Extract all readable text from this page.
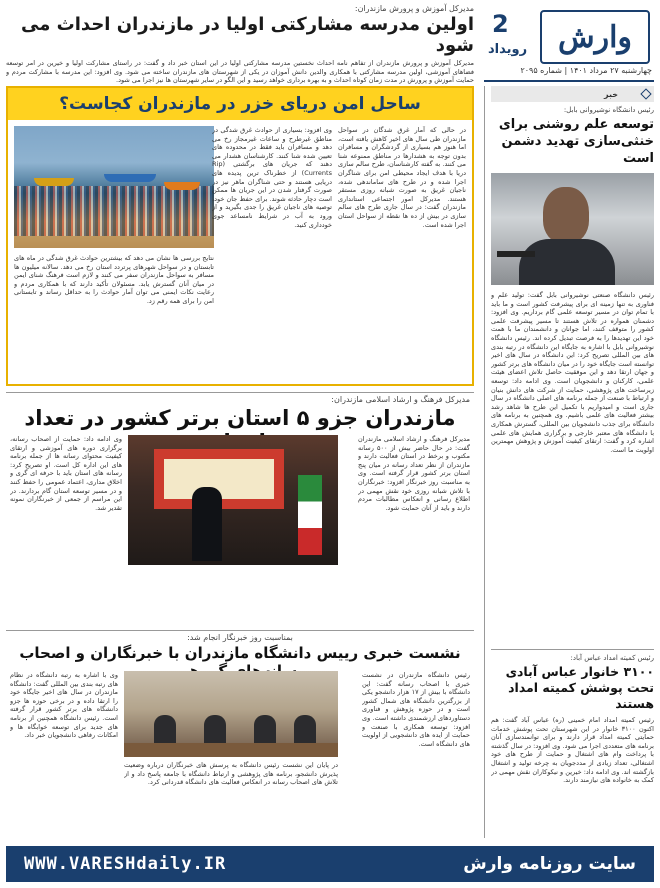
وارش
2
رویداد
چهارشنبه ۲۷ مرداد ۱۴۰۱ | شماره ۲۰۹۵
مدیرکل آموزش و پرورش مازندران:
اولین مدرسه مشارکتی اولیا در مازندران احداث می شود
مدیرکل آموزش و پرورش مازندران از تفاهم نامه احداث نخستین مدرسه مشارکتی اولیا در این استان خبر داد و گفت: در راستای مشارکت اولیا و خیرین در امر توسعه فضاهای آموزشی، اولین مدرسه مشارکتی با همکاری والدین دانش آموزان در یکی از شهرستان های مازندران ساخته می شود. وی افزود: این مدرسه با مشارکت مردم و حمایت آموزش و پرورش در مدت زمان کوتاه احداث و به بهره برداری خواهد رسید و این الگو در سایر شهرستان ها نیز اجرا می شود.
خبر
رئیس دانشگاه نوشیروانی بابل:
توسعه علم روشنی برای خنثی‌سازی تهدید دشمن است
رئیس دانشگاه صنعتی نوشیروانی بابل گفت: تولید علم و فناوری به تنها زمینه ای برای پیشرفت کشور است و ما باید با تمام توان در مسیر توسعه علمی گام برداریم. وی افزود: دشمنان همواره در تلاش هستند تا مسیر پیشرفت علمی کشور را متوقف کنند، اما جوانان و دانشمندان ما با همت خود این تهدیدها را به فرصت تبدیل کرده اند. رئیس دانشگاه نوشیروانی بابل با اشاره به جایگاه این دانشگاه در رتبه بندی های بین المللی تصریح کرد: این دانشگاه در سال های اخیر توانسته است جایگاه خود را در میان دانشگاه های برتر کشور و جهان ارتقا دهد و این موفقیت حاصل تلاش اعضای هیئت علمی، کارکنان و دانشجویان است. وی ادامه داد: توسعه زیرساخت های پژوهشی، حمایت از شرکت های دانش بنیان و ارتباط با صنعت از جمله برنامه های اصلی دانشگاه در سال جاری است و امیدواریم با تکمیل این طرح ها شاهد رشد بیشتر فعالیت های علمی باشیم. وی همچنین به برنامه های دانشگاه برای جذب دانشجویان بین المللی، گسترش همکاری با دانشگاه های معتبر خارجی و برگزاری همایش های علمی اشاره کرد و گفت: ارتقای کیفیت آموزش و پژوهش مهمترین اولویت ما است.
رئیس کمیته امداد عباس آباد:
۳۱۰۰ خانوار عباس آبادی تحت پوشش کمیته امداد هستند
رئیس کمیته امداد امام خمینی (ره) عباس آباد گفت: هم اکنون ۳۱۰۰ خانوار در این شهرستان تحت پوشش خدمات حمایتی کمیته امداد قرار دارند و برای توانمندسازی آنان برنامه های متعددی اجرا می شود. وی افزود: در سال گذشته با پرداخت وام های اشتغال و حمایت از طرح های خود اشتغالی، تعداد زیادی از مددجویان به چرخه تولید و اشتغال بازگشته اند. وی ادامه داد: خیرین و نیکوکاران نقش مهمی در کمک به خانواده های نیازمند دارند.
ساحل امن دریای خزر در مازندران کجاست؟
در حالی که آمار غرق شدگان در سواحل مازندران طی سال های اخیر کاهش یافته است، اما هنوز هم بسیاری از گردشگران و مسافران بدون توجه به هشدارها در مناطق ممنوعه شنا می کنند. به گفته کارشناسان، طرح سالم سازی دریا با هدف ایجاد محیطی امن برای شناگران اجرا شده و در طرح های ساماندهی شده، ناجیان غریق به صورت شبانه روزی مستقر هستند. مدیرکل امور اجتماعی استانداری مازندران گفت: در سال جاری طرح های سالم سازی در بیش از ده ها نقطه از سواحل استان اجرا شده است.
وی افزود: بسیاری از حوادث غرق شدگی در مناطق غیرطرح و ساعات غیرمجاز رخ می دهد و مسافران باید فقط در محدوده های تعیین شده شنا کنند. کارشناسان هشدار می دهند که جریان های برگشتی (Rip Currents) از خطرناک ترین پدیده های دریایی هستند و حتی شناگران ماهر نیز در صورت گرفتار شدن در این جریان ها ممکن است دچار حادثه شوند. برای حفظ جان خود، توصیه های ناجیان غریق را جدی بگیرید و از ورود به آب در شرایط نامساعد جوی خودداری کنید.
نتایج بررسی ها نشان می دهد که بیشترین حوادث غرق شدگی در ماه های تابستان و در سواحل شهرهای پرتردد استان رخ می دهد. سالانه میلیون ها مسافر به سواحل مازندران سفر می کنند و لازم است فرهنگ شنای ایمن در میان آنان گسترش یابد. مسئولان تأکید دارند که با همکاری مردم و رعایت نکات ایمنی می توان آمار حوادث را به حداقل رساند و تابستانی امن را برای همه رقم زد.
مدیرکل فرهنگ و ارشاد اسلامی مازندران:
مازندران جزو ۵ استان برتر کشور در تعداد
مدیرکل فرهنگ و ارشاد اسلامی مازندران گفت: در حال حاضر بیش از ۵۰۰ رسانه مکتوب و برخط در استان فعالیت دارند و مازندران از نظر تعداد رسانه در میان پنج استان برتر کشور قرار گرفته است. وی به مناسبت روز خبرنگار افزود: خبرنگاران با تلاش شبانه روزی خود نقش مهمی در اطلاع رسانی و انعکاس مطالبات مردم دارند و باید از آنان حمایت شود.
وی ادامه داد: حمایت از اصحاب رسانه، برگزاری دوره های آموزشی و ارتقای کیفیت محتوای رسانه ها از جمله برنامه های این اداره کل است. او تصریح کرد: رسانه های استان باید با حرفه ای گری و اخلاق مداری، اعتماد عمومی را حفظ کنند و در مسیر توسعه استان گام بردارند. در این مراسم از جمعی از خبرنگاران نمونه تقدیر شد.
بمناسبت روز خبرنگار انجام شد:
نشست خبری رییس دانشگاه مازندران با خبرنگاران و اصحاب
رئیس دانشگاه مازندران در نشست خبری با اصحاب رسانه گفت: این دانشگاه با بیش از ۱۷ هزار دانشجو یکی از بزرگترین دانشگاه های شمال کشور است و در حوزه پژوهش و فناوری دستاوردهای ارزشمندی داشته است. وی افزود: توسعه همکاری با صنعت و حمایت از ایده های دانشجویی از اولویت های دانشگاه است.
وی با اشاره به رتبه دانشگاه در نظام های رتبه بندی بین المللی گفت: دانشگاه مازندران در سال های اخیر جایگاه خود را ارتقا داده و در برخی حوزه ها جزو دانشگاه های برتر کشور قرار گرفته است. رئیس دانشگاه همچنین از برنامه های جدید برای توسعه خوابگاه ها و امکانات رفاهی دانشجویان خبر داد.
در پایان این نشست رئیس دانشگاه به پرسش های خبرنگاران درباره وضعیت پذیرش دانشجو، برنامه های پژوهشی و ارتباط دانشگاه با جامعه پاسخ داد و از تلاش های اصحاب رسانه در انعکاس فعالیت های دانشگاه قدردانی کرد.
سایت روزنامه وارش
WWW.VARESHdaily.IR
